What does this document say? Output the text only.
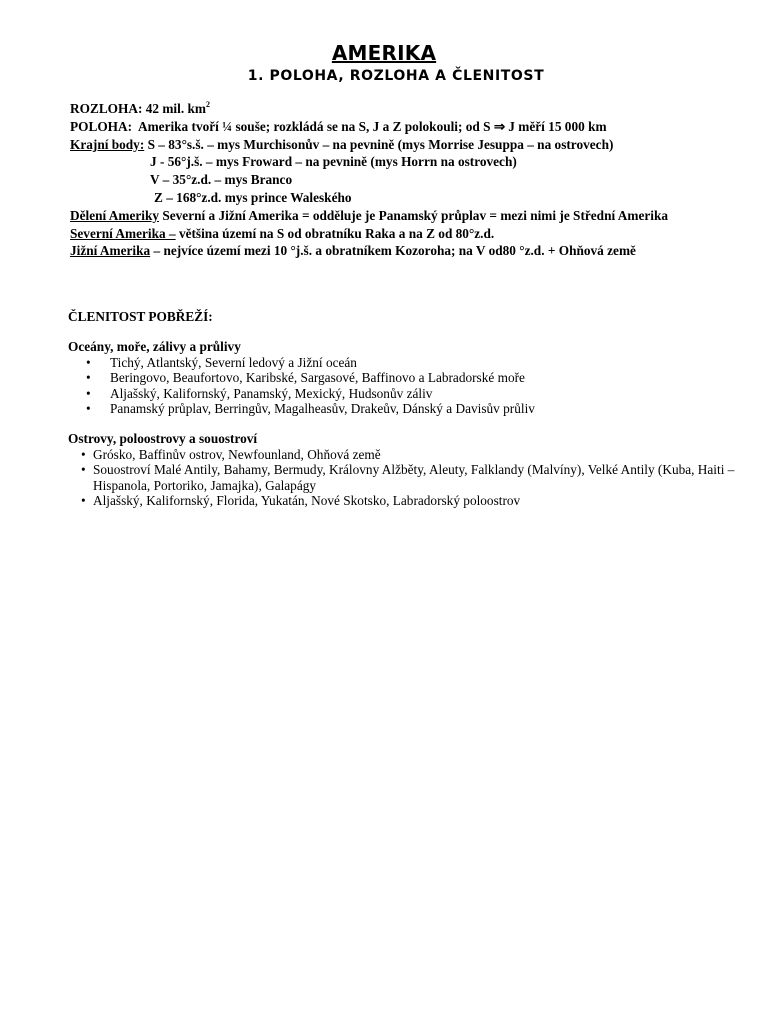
AMERIKA
1. POLOHA, ROZLOHA A ČLENITOST
ROZLOHA: 42 mil. $km^2$
POLOHA: Amerika tvoří ¼ souše; rozkládá se na S, J a Z polokouli; od S ⇒ J měří 15 000 km
Krajní body: S – 83°s.š. – mys Murchisonův – na pevnině (mys Morrise Jesuppa – na ostrovech)
J - 56°j.š. – mys Froward – na pevnině (mys Horrn na ostrovech)
V – 35°z.d. – mys Branco
Z – 168°z.d. mys prince Waleského
Dělení Ameriky Severní a Jižní Amerika = odděluje je Panamský průplav = mezi nimi je Střední Amerika
Severní Amerika – většina území na S od obratníku Raka a na Z od 80°z.d.
Jižní Amerika – nejvíce území mezi 10 °j.š. a obratníkem Kozoroha; na V od80 °z.d. + Ohňová země
ČLENITOST POBŘEŽÍ:
Oceány, moře, zálivy a průlivy
• Tichý, Atlantský, Severní ledový a Jižní oceán
• Beringovo, Beaufortovo, Karibské, Sargasové, Baffinovo a Labradorské moře
• Aljašský, Kalifornský, Panamský, Mexický, Hudsonův záliv
• Panamský průplav, Berringův, Magalheasův, Drakeův, Dánský a Davisův průliv
Ostrovy, poloostrovy a souostroví
• Grósko, Baffinův ostrov, Newfounland, Ohňová země
• Souostroví Malé Antily, Bahamy, Bermudy, Královny Alžběty, Aleuty, Falklandy (Malvíny), Velké Antily (Kuba, Haiti – Hispanola, Portoriko, Jamajka), Galapágy
• Aljašský, Kalifornský, Florida, Yukatán, Nové Skotsko, Labradorský poloostrov
